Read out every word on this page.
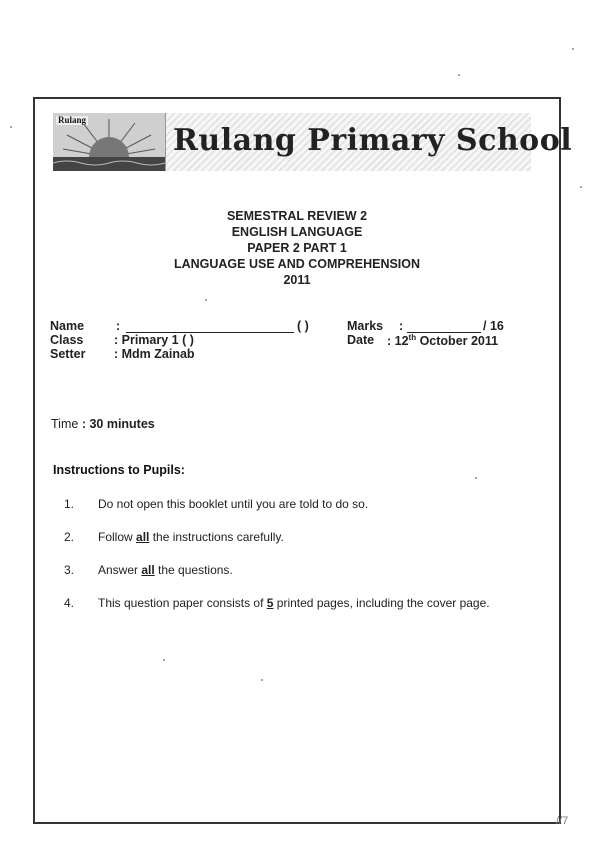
Rulang
Rulang Primary School
SEMESTRAL REVIEW 2
ENGLISH LANGUAGE
PAPER 2 PART 1
LANGUAGE USE AND COMPREHENSION
2011
Name	:	( )	Marks :	/ 16
Class : Primary 1 ( )	Date : 12th October 2011
Setter : Mdm Zainab
Time : 30 minutes
Instructions to Pupils:
1.	Do not open this booklet until you are told to do so.
2.	Follow all the instructions carefully.
3.	Answer all the questions.
4.	This question paper consists of 5 printed pages, including the cover page.
//7
